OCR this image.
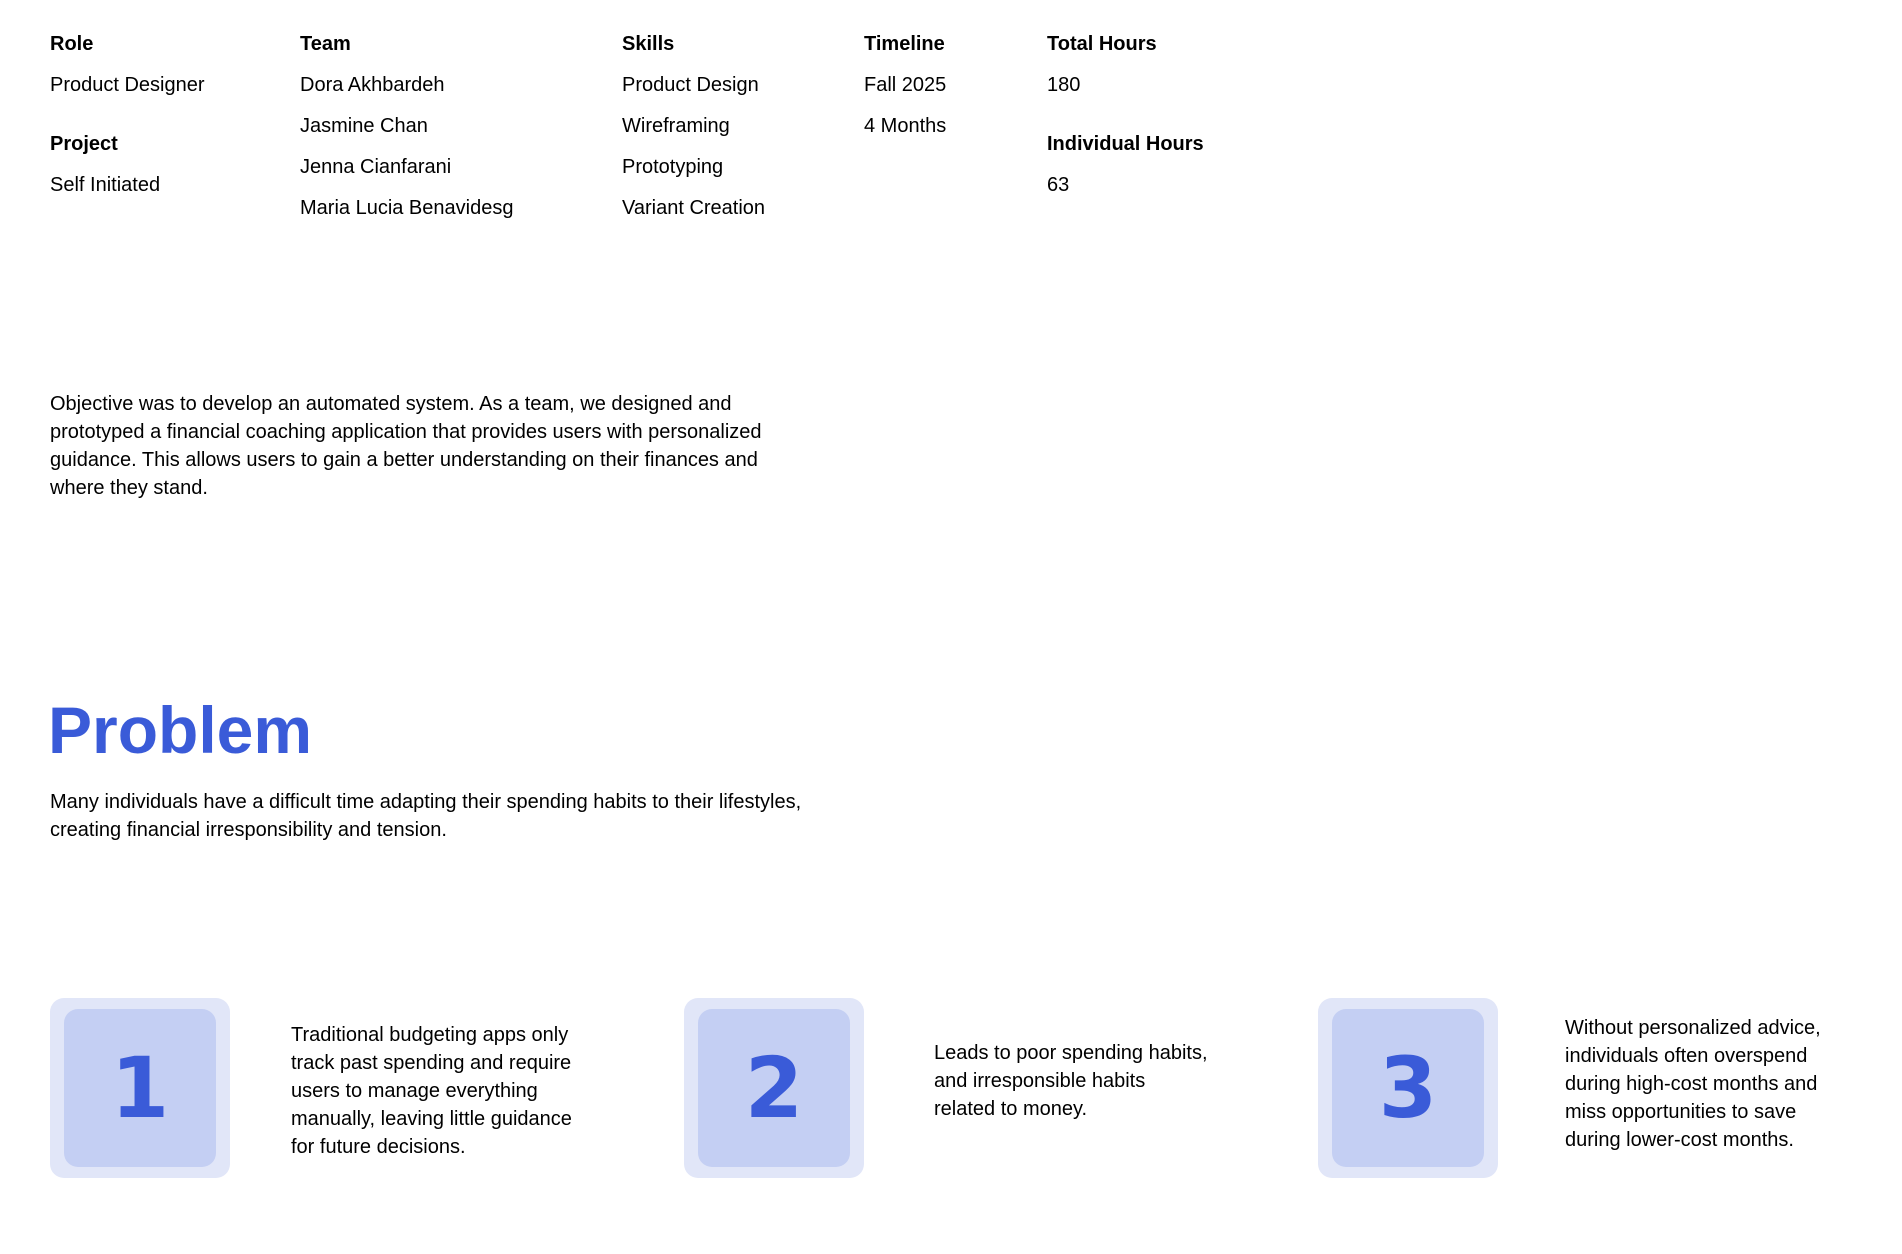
Role
Product Designer
Project
Self Initiated
Team
Dora Akhbardeh
Jasmine Chan
Jenna Cianfarani
Maria Lucia Benavidesg
Skills
Product Design
Wireframing
Prototyping
Variant Creation
Timeline
Fall 2025
4 Months
Total Hours
180
Individual Hours
63

Objective was to develop an automated system. As a team, we designed and prototyped a financial coaching application that provides users with personalized guidance. This allows users to gain a better understanding on their finances and where they stand.

Problem

Many individuals have a difficult time adapting their spending habits to their lifestyles, creating financial irresponsibility and tension.

1

Traditional budgeting apps only
track past spending and require
users to manage everything
manually, leaving little guidance
for future decisions.

2	Leads to poor spending habits,
and irresponsible habits
related to money.	3

Without personalized advice,
individuals often overspend
during high-cost months and
miss opportunities to save
during lower-cost months.
